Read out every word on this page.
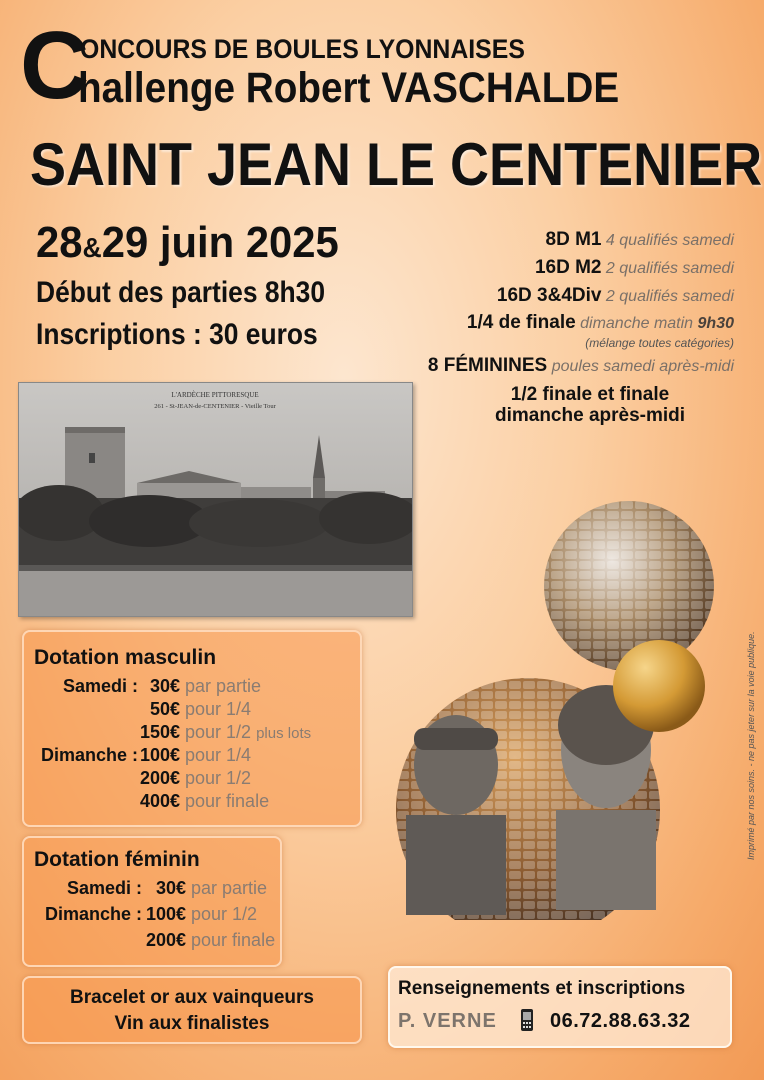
C
ONCOURS DE BOULES LYONNAISES
hallenge Robert VASCHALDE
SAINT JEAN LE CENTENIER
28&29 juin 2025
Début des parties 8h30
Inscriptions : 30 euros
8D M1 4 qualifiés samedi
16D M2 2 qualifiés samedi
16D 3&4Div 2 qualifiés samedi
1/4 de finale dimanche matin 9h30
(mélange toutes catégories)
8 FÉMININES poules samedi après-midi
1/2 finale et finale
dimanche après-midi
L'ARDÈCHE PITTORESQUE
261 - St-JEAN-de-CENTENIER - Vieille Tour
Imprimé par nos soins. - ne pas jeter sur la voie publique.
Dotation masculin
Samedi : 30€ par partie
50€ pour 1/4
150€ pour 1/2 plus lots
Dimanche : 100€ pour 1/4
200€ pour 1/2
400€ pour finale
Dotation féminin
Samedi : 30€ par partie
Dimanche : 100€ pour 1/2
200€ pour finale
Bracelet or aux vainqueurs
Vin aux finalistes
Renseignements et inscriptions
P. VERNE	06.72.88.63.32
